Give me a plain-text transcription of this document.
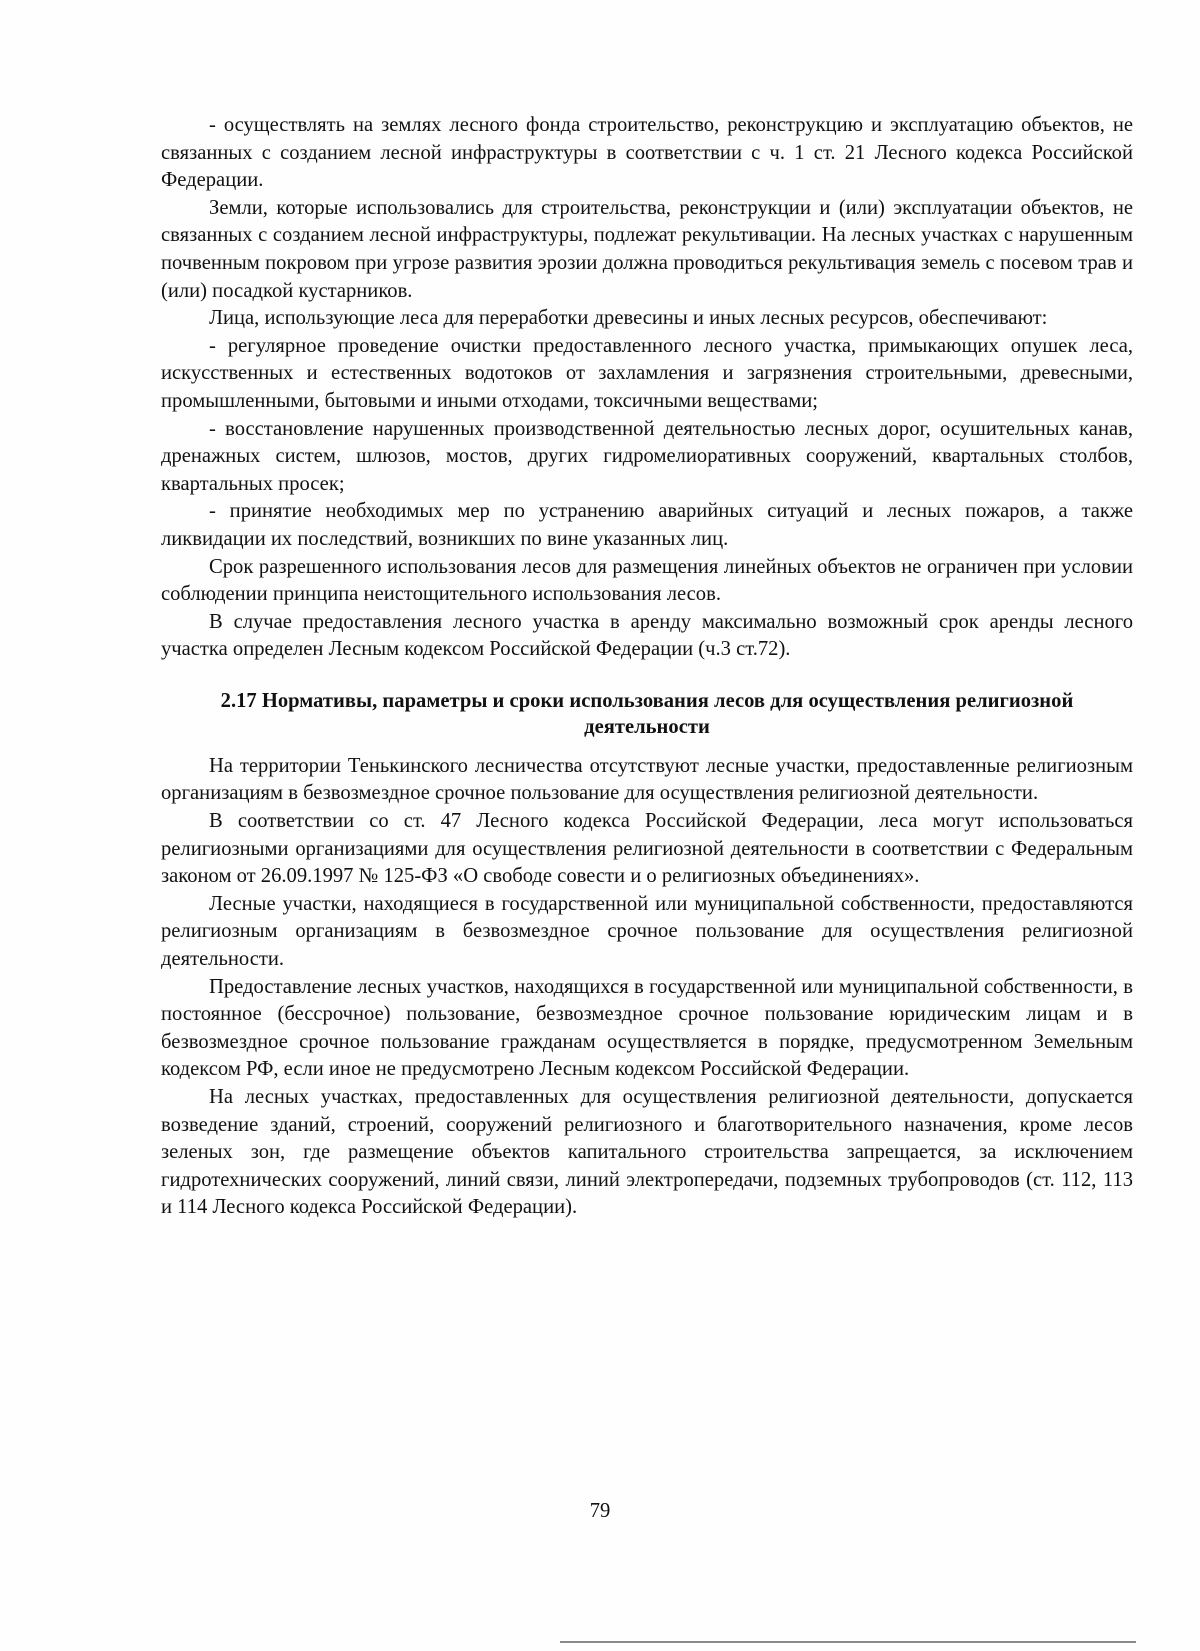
- осуществлять на землях лесного фонда строительство, реконструкцию и эксплуатацию объектов, не связанных с созданием лесной инфраструктуры в соответствии с ч. 1 ст. 21 Лесного кодекса Российской Федерации.

Земли, которые использовались для строительства, реконструкции и (или) эксплуатации объектов, не связанных с созданием лесной инфраструктуры, подлежат рекультивации. На лесных участках с нарушенным почвенным покровом при угрозе развития эрозии должна проводиться рекультивация земель с посевом трав и (или) посадкой кустарников.

Лица, использующие леса для переработки древесины и иных лесных ресурсов, обеспечивают:

- регулярное проведение очистки предоставленного лесного участка, примыкающих опушек леса, искусственных и естественных водотоков от захламления и загрязнения строительными, древесными, промышленными, бытовыми и иными отходами, токсичными веществами;

- восстановление нарушенных производственной деятельностью лесных дорог, осушительных канав, дренажных систем, шлюзов, мостов, других гидромелиоративных сооружений, квартальных столбов, квартальных просек;

- принятие необходимых мер по устранению аварийных ситуаций и лесных пожаров, а также ликвидации их последствий, возникших по вине указанных лиц.

Срок разрешенного использования лесов для размещения линейных объектов не ограничен при условии соблюдении принципа неистощительного использования лесов.

В случае предоставления лесного участка в аренду максимально возможный срок аренды лесного участка определен Лесным кодексом Российской Федерации (ч.3 ст.72).

2.17 Нормативы, параметры и сроки использования лесов для осуществления религиозной деятельности

На территории Тенькинского лесничества отсутствуют лесные участки, предоставленные религиозным организациям в безвозмездное срочное пользование для осуществления религиозной деятельности.

В соответствии со ст. 47 Лесного кодекса Российской Федерации, леса могут использоваться религиозными организациями для осуществления религиозной деятельности в соответствии с Федеральным законом от 26.09.1997 № 125-ФЗ «О свободе совести и о религиозных объединениях».

Лесные участки, находящиеся в государственной или муниципальной собственности, предоставляются религиозным организациям в безвозмездное срочное пользование для осуществления религиозной деятельности.

Предоставление лесных участков, находящихся в государственной или муниципальной собственности, в постоянное (бессрочное) пользование, безвозмездное срочное пользование юридическим лицам и в безвозмездное срочное пользование гражданам осуществляется в порядке, предусмотренном Земельным кодексом РФ, если иное не предусмотрено Лесным кодексом Российской Федерации.

На лесных участках, предоставленных для осуществления религиозной деятельности, допускается возведение зданий, строений, сооружений религиозного и благотворительного назначения, кроме лесов зеленых зон, где размещение объектов капитального строительства запрещается, за исключением гидротехнических сооружений, линий связи, линий электропередачи, подземных трубопроводов (ст. 112, 113 и 114 Лесного кодекса Российской Федерации).

79
